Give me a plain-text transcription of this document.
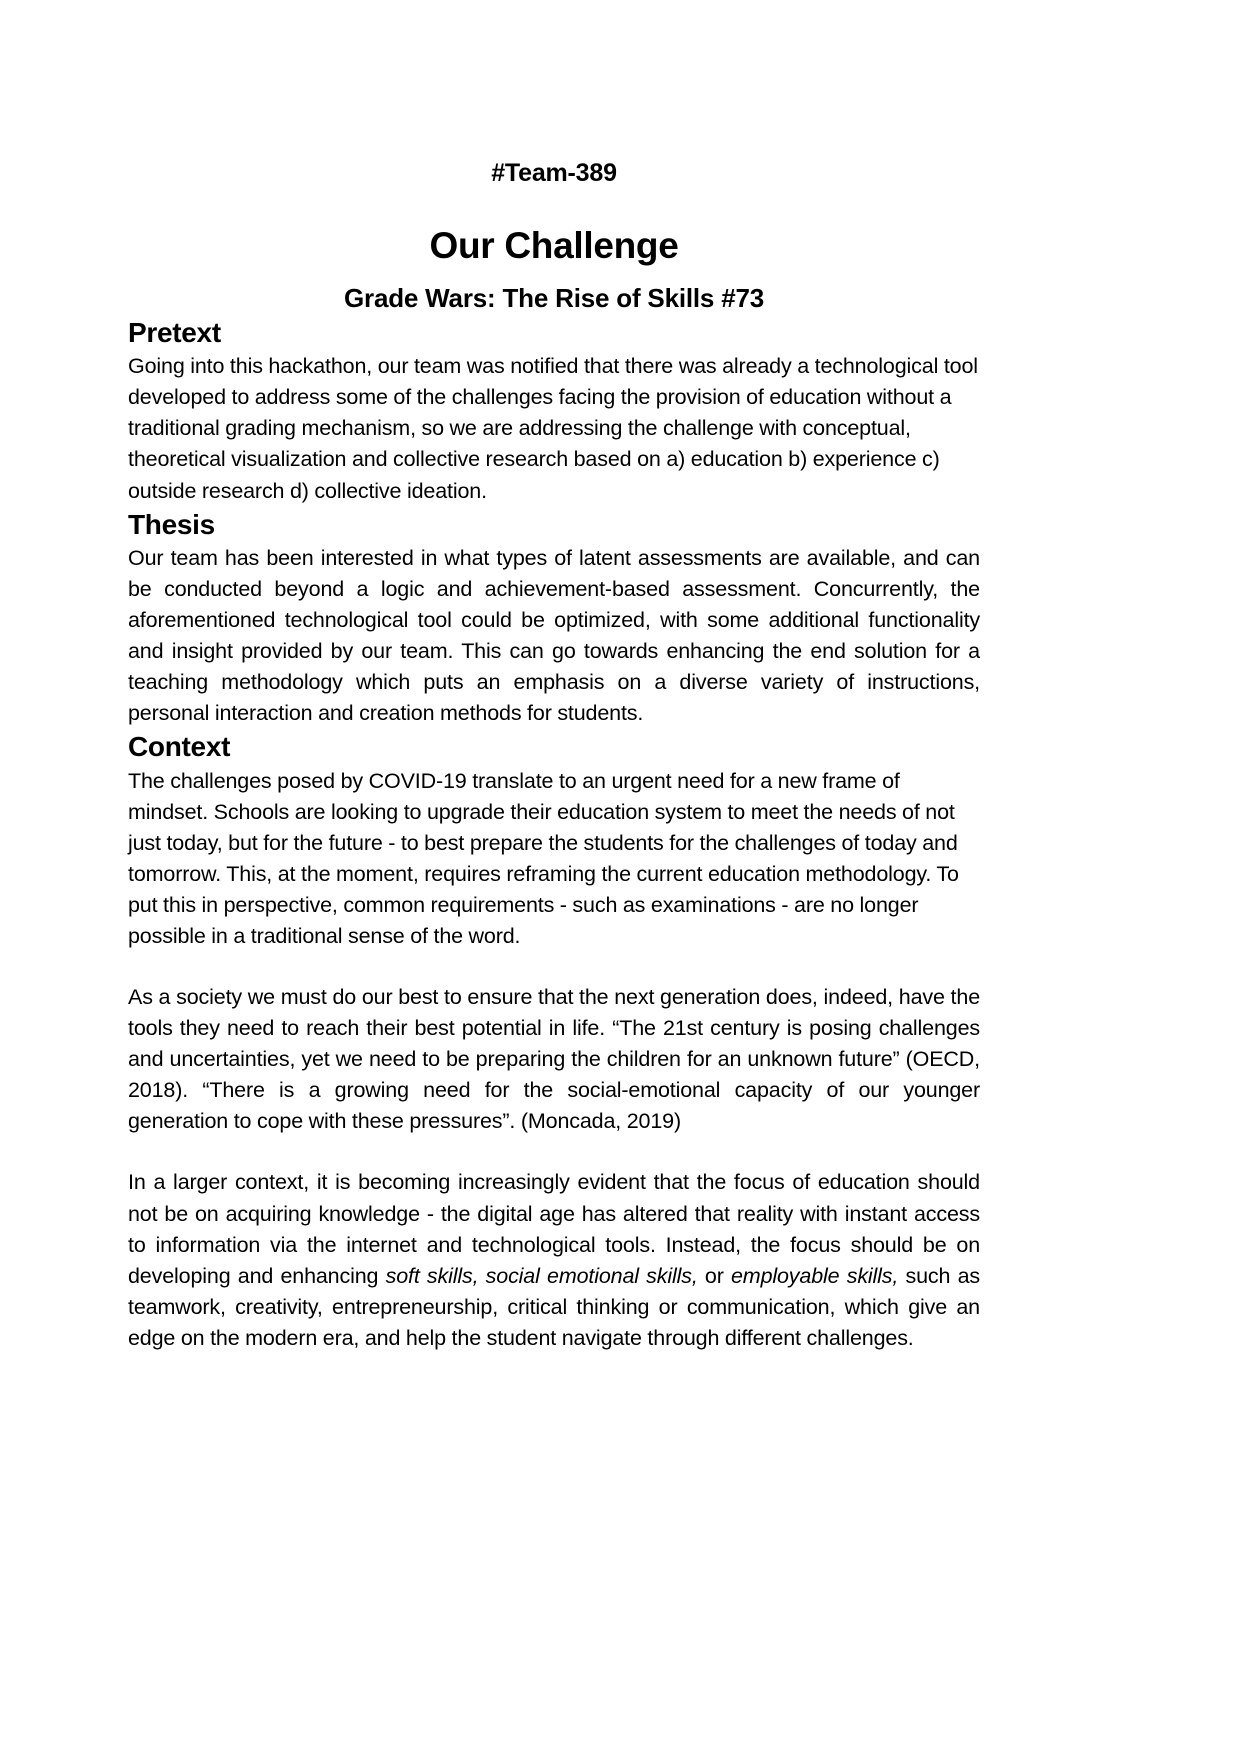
#Team-389
Our Challenge
Grade Wars: The Rise of Skills #73
Pretext

Going into this hackathon, our team was notified that there was already a technological tool developed to address some of the challenges facing the provision of education without a traditional grading mechanism, so we are addressing the challenge with conceptual, theoretical visualization and collective research based on a) education b) experience c) outside research d) collective ideation.

Thesis

Our team has been interested in what types of latent assessments are available, and can be conducted beyond a logic and achievement-based assessment. Concurrently, the aforementioned technological tool could be optimized, with some additional functionality and insight provided by our team. This can go towards enhancing the end solution for a teaching methodology which puts an emphasis on a diverse variety of instructions, personal interaction and creation methods for students.

Context

The challenges posed by COVID-19 translate to an urgent need for a new frame of mindset. Schools are looking to upgrade their education system to meet the needs of not just today, but for the future - to best prepare the students for the challenges of today and tomorrow. This, at the moment, requires reframing the current education methodology. To put this in perspective, common requirements - such as examinations - are no longer possible in a traditional sense of the word.

As a society we must do our best to ensure that the next generation does, indeed, have the tools they need to reach their best potential in life. “The 21st century is posing challenges and uncertainties, yet we need to be preparing the children for an unknown future” (OECD, 2018). “There is a growing need for the social-emotional capacity of our younger generation to cope with these pressures”. (Moncada, 2019)

In a larger context, it is becoming increasingly evident that the focus of education should not be on acquiring knowledge - the digital age has altered that reality with instant access to information via the internet and technological tools. Instead, the focus should be on developing and enhancing soft skills, social emotional skills, or employable skills, such as teamwork, creativity, entrepreneurship, critical thinking or communication, which give an edge on the modern era, and help the student navigate through different challenges.
